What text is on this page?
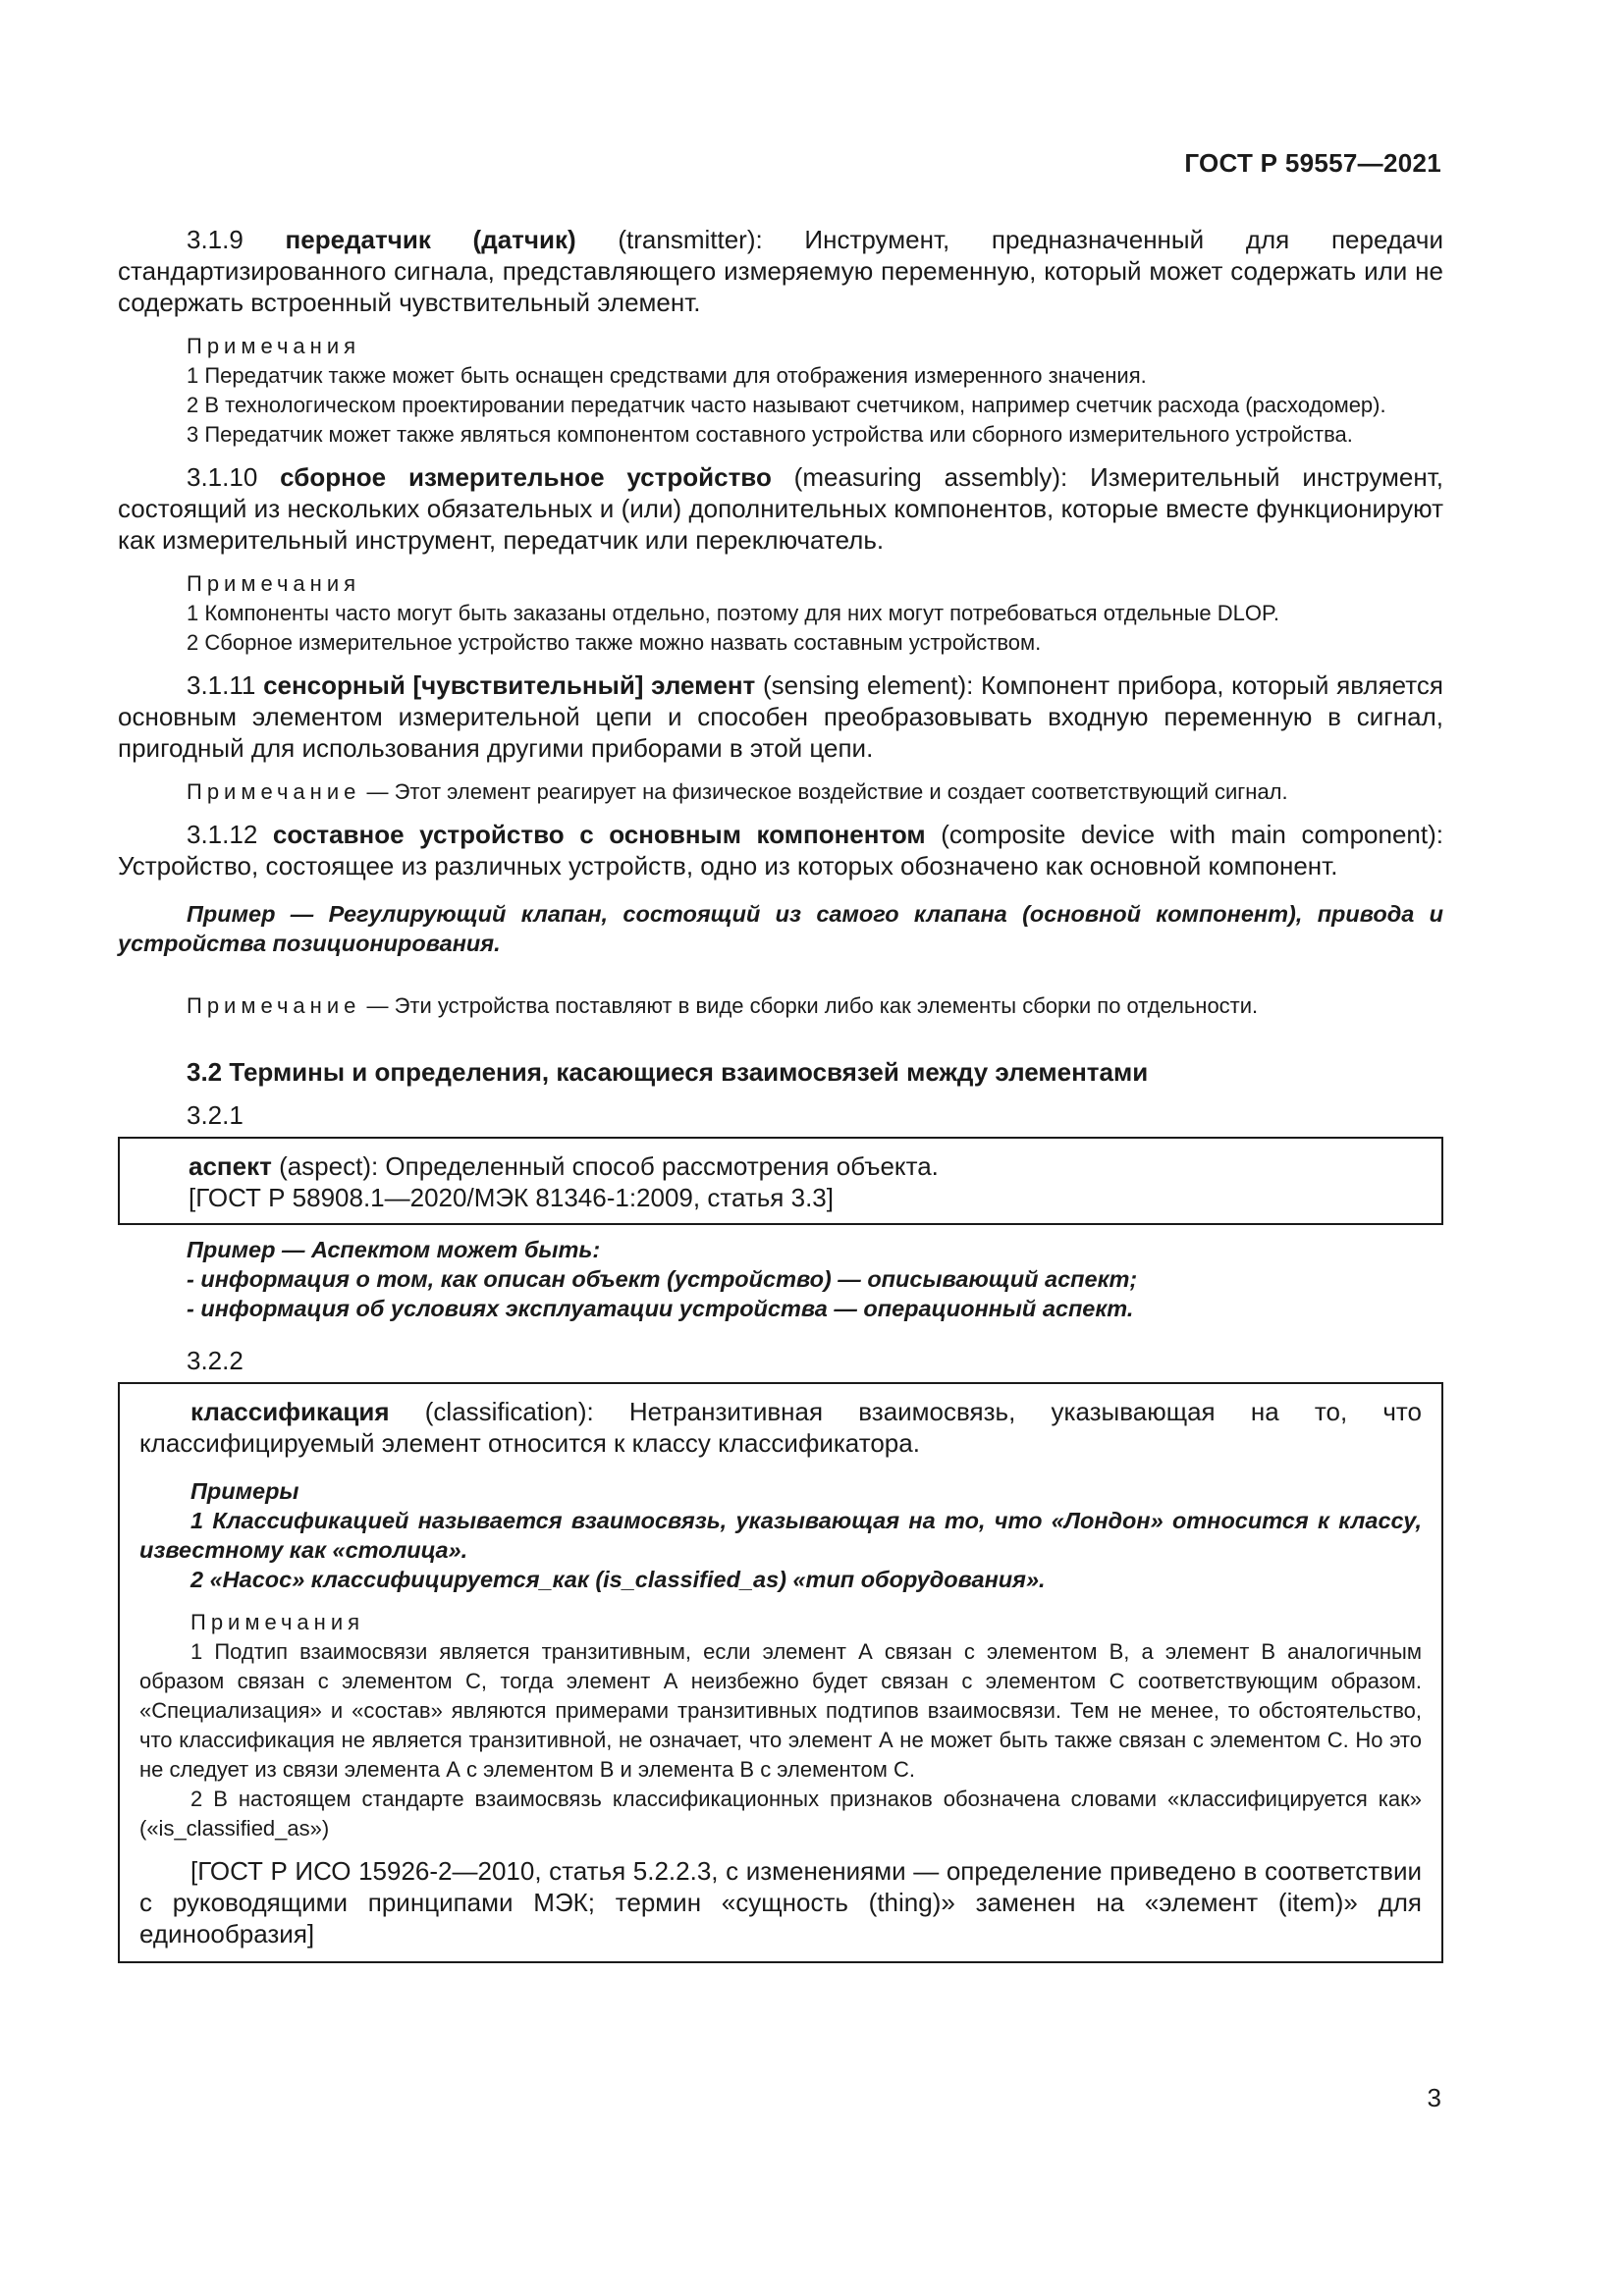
ГОСТ Р 59557—2021

3.1.9 передатчик (датчик) (transmitter): Инструмент, предназначенный для передачи стандартизированного сигнала, представляющего измеряемую переменную, который может содержать или не содержать встроенный чувствительный элемент.

Примечания

1 Передатчик также может быть оснащен средствами для отображения измеренного значения.

2 В технологическом проектировании передатчик часто называют счетчиком, например счетчик расхода (расходомер).

3 Передатчик может также являться компонентом составного устройства или сборного измерительного устройства.

3.1.10 сборное измерительное устройство (measuring assembly): Измерительный инструмент, состоящий из нескольких обязательных и (или) дополнительных компонентов, которые вместе функционируют как измерительный инструмент, передатчик или переключатель.

Примечания

1 Компоненты часто могут быть заказаны отдельно, поэтому для них могут потребоваться отдельные DLOP.

2 Сборное измерительное устройство также можно назвать составным устройством.

3.1.11 сенсорный [чувствительный] элемент (sensing element): Компонент прибора, который является основным элементом измерительной цепи и способен преобразовывать входную переменную в сигнал, пригодный для использования другими приборами в этой цепи.

Примечание — Этот элемент реагирует на физическое воздействие и создает соответствующий сигнал.

3.1.12 составное устройство с основным компонентом (composite device with main component): Устройство, состоящее из различных устройств, одно из которых обозначено как основной компонент.

Пример — Регулирующий клапан, состоящий из самого клапана (основной компонент), привода и устройства позиционирования.

Примечание — Эти устройства поставляют в виде сборки либо как элементы сборки по отдельности.

3.2 Термины и определения, касающиеся взаимосвязей между элементами

3.2.1

аспект (aspect): Определенный способ рассмотрения объекта.
[ГОСТ Р 58908.1—2020/МЭК 81346-1:2009, статья 3.3]
Пример — Аспектом может быть:
- информация о том, как описан объект (устройство) — описывающий аспект;
- информация об условиях эксплуатации устройства — операционный аспект.

3.2.2

классификация (classification): Нетранзитивная взаимосвязь, указывающая на то, что классифицируемый элемент относится к классу классификатора.

Примеры

1 Классификацией называется взаимосвязь, указывающая на то, что «Лондон» относится к классу, известному как «столица».

2 «Насос» классифицируется_как (is_classified_as) «тип оборудования».

Примечания

1 Подтип взаимосвязи является транзитивным, если элемент А связан с элементом В, а элемент В аналогичным образом связан с элементом С, тогда элемент А неизбежно будет связан с элементом С соответствующим образом. «Специализация» и «состав» являются примерами транзитивных подтипов взаимосвязи. Тем не менее, то обстоятельство, что классификация не является транзитивной, не означает, что элемент А не может быть также связан с элементом С. Но это не следует из связи элемента А с элементом В и элемента В с элементом С.

2 В настоящем стандарте взаимосвязь классификационных признаков обозначена словами «классифицируется как» («is_classified_as»)

[ГОСТ Р ИСО 15926-2—2010, статья 5.2.2.3, с изменениями — определение приведено в соответствии с руководящими принципами МЭК; термин «сущность (thing)» заменен на «элемент (item)» для единообразия]

3
